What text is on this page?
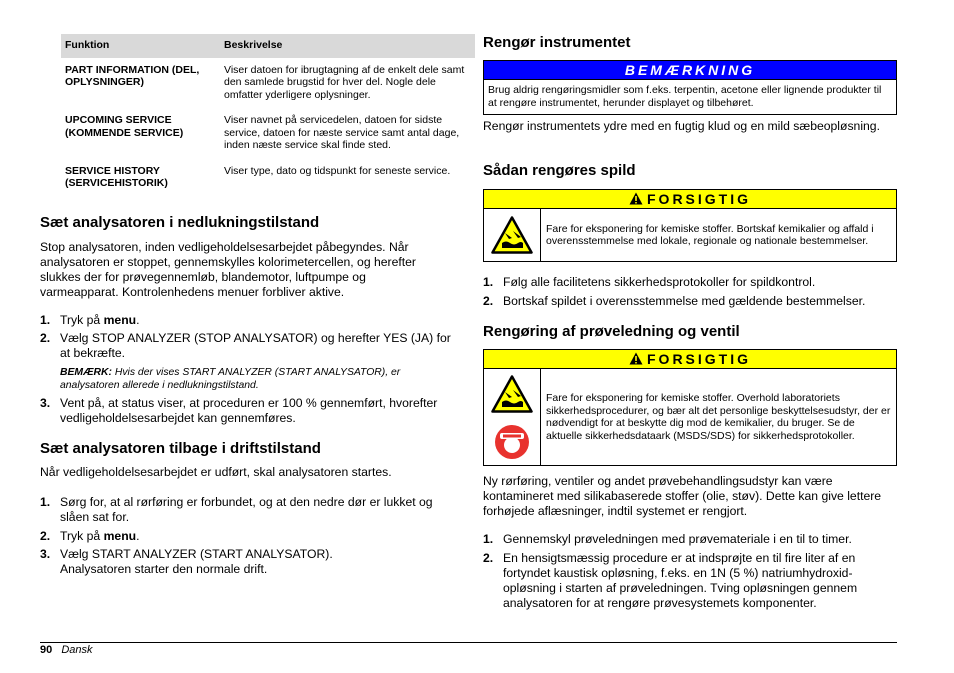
Funktion	Beskrivelse
PART INFORMATION (DEL, OPLYSNINGER)	Viser datoen for ibrugtagning af de enkelt dele samt den samlede brugstid for hver del. Nogle dele omfatter yderligere oplysninger.
UPCOMING SERVICE (KOMMENDE SERVICE)	Viser navnet på servicedelen, datoen for sidste service, datoen for næste service samt antal dage, inden næste service skal finde sted.
SERVICE HISTORY (SERVICEHISTORIK)	Viser type, dato og tidspunkt for seneste service.
Sæt analysatoren i nedlukningstilstand
Stop analysatoren, inden vedligeholdelsesarbejdet påbegyndes. Når analysatoren er stoppet, gennemskylles kolorimetercellen, og herefter slukkes der for prøvegennemløb, blandemotor, luftpumpe og varmeapparat. Kontrolenhedens menuer forbliver aktive.
1. Tryk på menu.
2. Vælg STOP ANALYZER (STOP ANALYSATOR) og herefter YES (JA) for at bekræfte.
BEMÆRK: Hvis der vises START ANALYZER (START ANALYSATOR), er analysatoren allerede i nedlukningstilstand.
3. Vent på, at status viser, at proceduren er 100 % gennemført, hvorefter vedligeholdelsesarbejdet kan gennemføres.
Sæt analysatoren tilbage i driftstilstand
Når vedligeholdelsesarbejdet er udført, skal analysatoren startes.
1. Sørg for, at al rørføring er forbundet, og at den nedre dør er lukket og slåen sat for.
2. Tryk på menu.
3. Vælg START ANALYZER (START ANALYSATOR). Analysatoren starter den normale drift.
Rengør instrumentet
BEMÆRKNING
Brug aldrig rengøringsmidler som f.eks. terpentin, acetone eller lignende produkter til at rengøre instrumentet, herunder displayet og tilbehøret.
Rengør instrumentets ydre med en fugtig klud og en mild sæbeopløsning.
Sådan rengøres spild
FORSIGTIG
Fare for eksponering for kemiske stoffer. Bortskaf kemikalier og affald i overensstemmelse med lokale, regionale og nationale bestemmelser.
1. Følg alle facilitetens sikkerhedsprotokoller for spildkontrol.
2. Bortskaf spildet i overensstemmelse med gældende bestemmelser.
Rengøring af prøveledning og ventil
FORSIGTIG
Fare for eksponering for kemiske stoffer. Overhold laboratoriets sikkerhedsprocedurer, og bær alt det personlige beskyttelsesudstyr, der er nødvendigt for at beskytte dig mod de kemikalier, du bruger. Se de aktuelle sikkerhedsdataark (MSDS/SDS) for sikkerhedsprotokoller.
Ny rørføring, ventiler og andet prøvebehandlingsudstyr kan være kontamineret med silikabaserede stoffer (olie, støv). Dette kan give lettere forhøjede aflæsninger, indtil systemet er rengjort.
1. Gennemskyl prøveledningen med prøvemateriale i en til to timer.
2. En hensigtsmæssig procedure er at indsprøjte en til fire liter af en fortyndet kaustisk opløsning, f.eks. en 1N (5 %) natriumhydroxid-opløsning i starten af prøveledningen. Tving opløsningen gennem analysatoren for at rengøre prøvesystemets komponenter.
90 Dansk
